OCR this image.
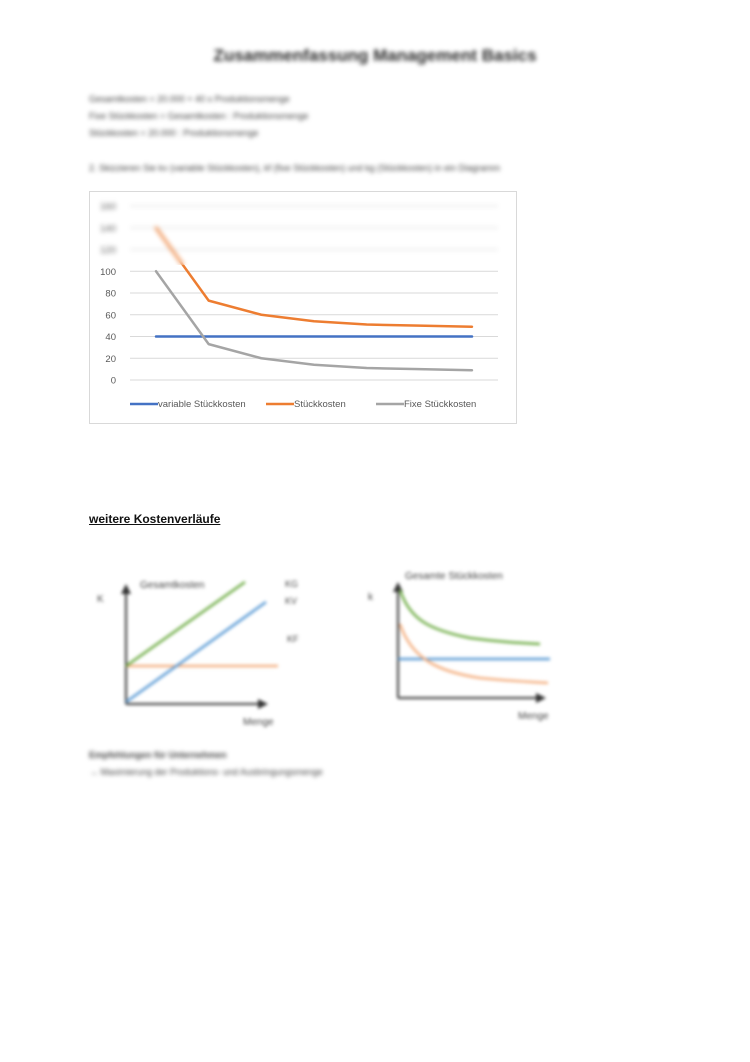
Zusammenfassung Management Basics
Gesamtkosten = 20.000 + 40 x Produktionsmenge
Fixe Stückkosten = Gesamtkosten : Produktionsmenge
Stückkosten = 20.000 : Produktionsmenge
2. Skizzieren Sie kv (variable Stückkosten), kf (fixe Stückkosten) und kg (Stückkosten) in ein Diagramm
0
20
40
60
80
100
120
140
160
variable Stückkosten	Stückkosten	Fixe Stückkosten
weitere Kostenverläufe
K
Gesamtkosten	KG
KV
KF
Menge
k
Gesamte Stückkosten
Menge
Empfehlungen für Unternehmen
→ Maximierung der Produktions- und Ausbringungsmenge
